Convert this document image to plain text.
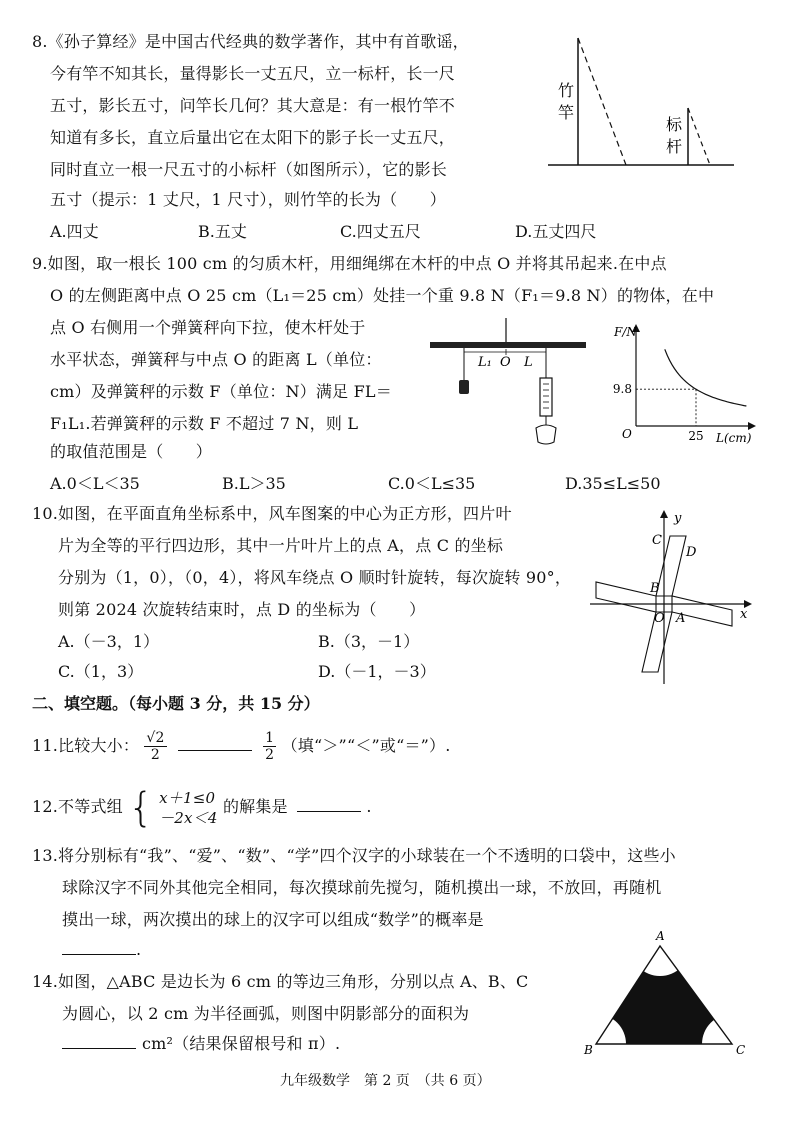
8.《孙子算经》是中国古代经典的数学著作，其中有首歌谣，
今有竿不知其长，量得影长一丈五尺，立一标杆，长一尺
五寸，影长五寸，问竿长几何？其大意是：有一根竹竿不
知道有多长，直立后量出它在太阳下的影子长一丈五尺，
同时直立一根一尺五寸的小标杆（如图所示），它的影长
五寸（提示：1 丈尺，1 尺寸），则竹竿的长为（　　）
A.四丈	B.五丈	C.四丈五尺	D.五丈四尺
竹
竿
标
杆
9.如图，取一根长 100 cm 的匀质木杆，用细绳绑在木杆的中点 O 并将其吊起来.在中点
O 的左侧距离中点 O 25 cm（L₁＝25 cm）处挂一个重 9.8 N（F₁＝9.8 N）的物体，在中
点 O 右侧用一个弹簧秤向下拉，使木杆处于
水平状态，弹簧秤与中点 O 的距离 L（单位：
cm）及弹簧秤的示数 F（单位：N）满足 FL＝
F₁L₁.若弹簧秤的示数 F 不超过 7 N，则 L
的取值范围是（　　）
L₁ O L
F/N
9.8
O	25 L(cm)
A.0＜L＜35	B.L＞35	C.0＜L≤35	D.35≤L≤50
10.如图，在平面直角坐标系中，风车图案的中心为正方形，四片叶
片为全等的平行四边形，其中一片叶片上的点 A，点 C 的坐标
分别为（1，0），（0，4），将风车绕点 O 顺时针旋转，每次旋转 90°，
则第 2024 次旋转结束时，点 D 的坐标为（　　）
A.（－3，1）	B.（3，－1）
C.（1，3）	D.（－1，－3）
y
x
C
D
B
O A
二、填空题。（每小题 3 分，共 15 分）
11.比较大小： $\frac{√2}{2}$
	$\frac{1}{2}$ （填“＞”“＜”或“＝”）.
12.不等式组 { x＋1≤0
－2x＜4
的解集是	.
13.将分别标有“我”、“爱”、“数”、“学”四个汉字的小球装在一个不透明的口袋中，这些小
球除汉字不同外其他完全相同，每次摸球前先搅匀，随机摸出一球，不放回，再随机
摸出一球，两次摸出的球上的汉字可以组成“数学”的概率是
.
14.如图，△ABC 是边长为 6 cm 的等边三角形，分别以点 A、B、C
为圆心，以 2 cm 为半径画弧，则图中阴影部分的面积为
cm²（结果保留根号和 π）.
A
B	C
九年级数学　第 2 页　（共 6 页）
